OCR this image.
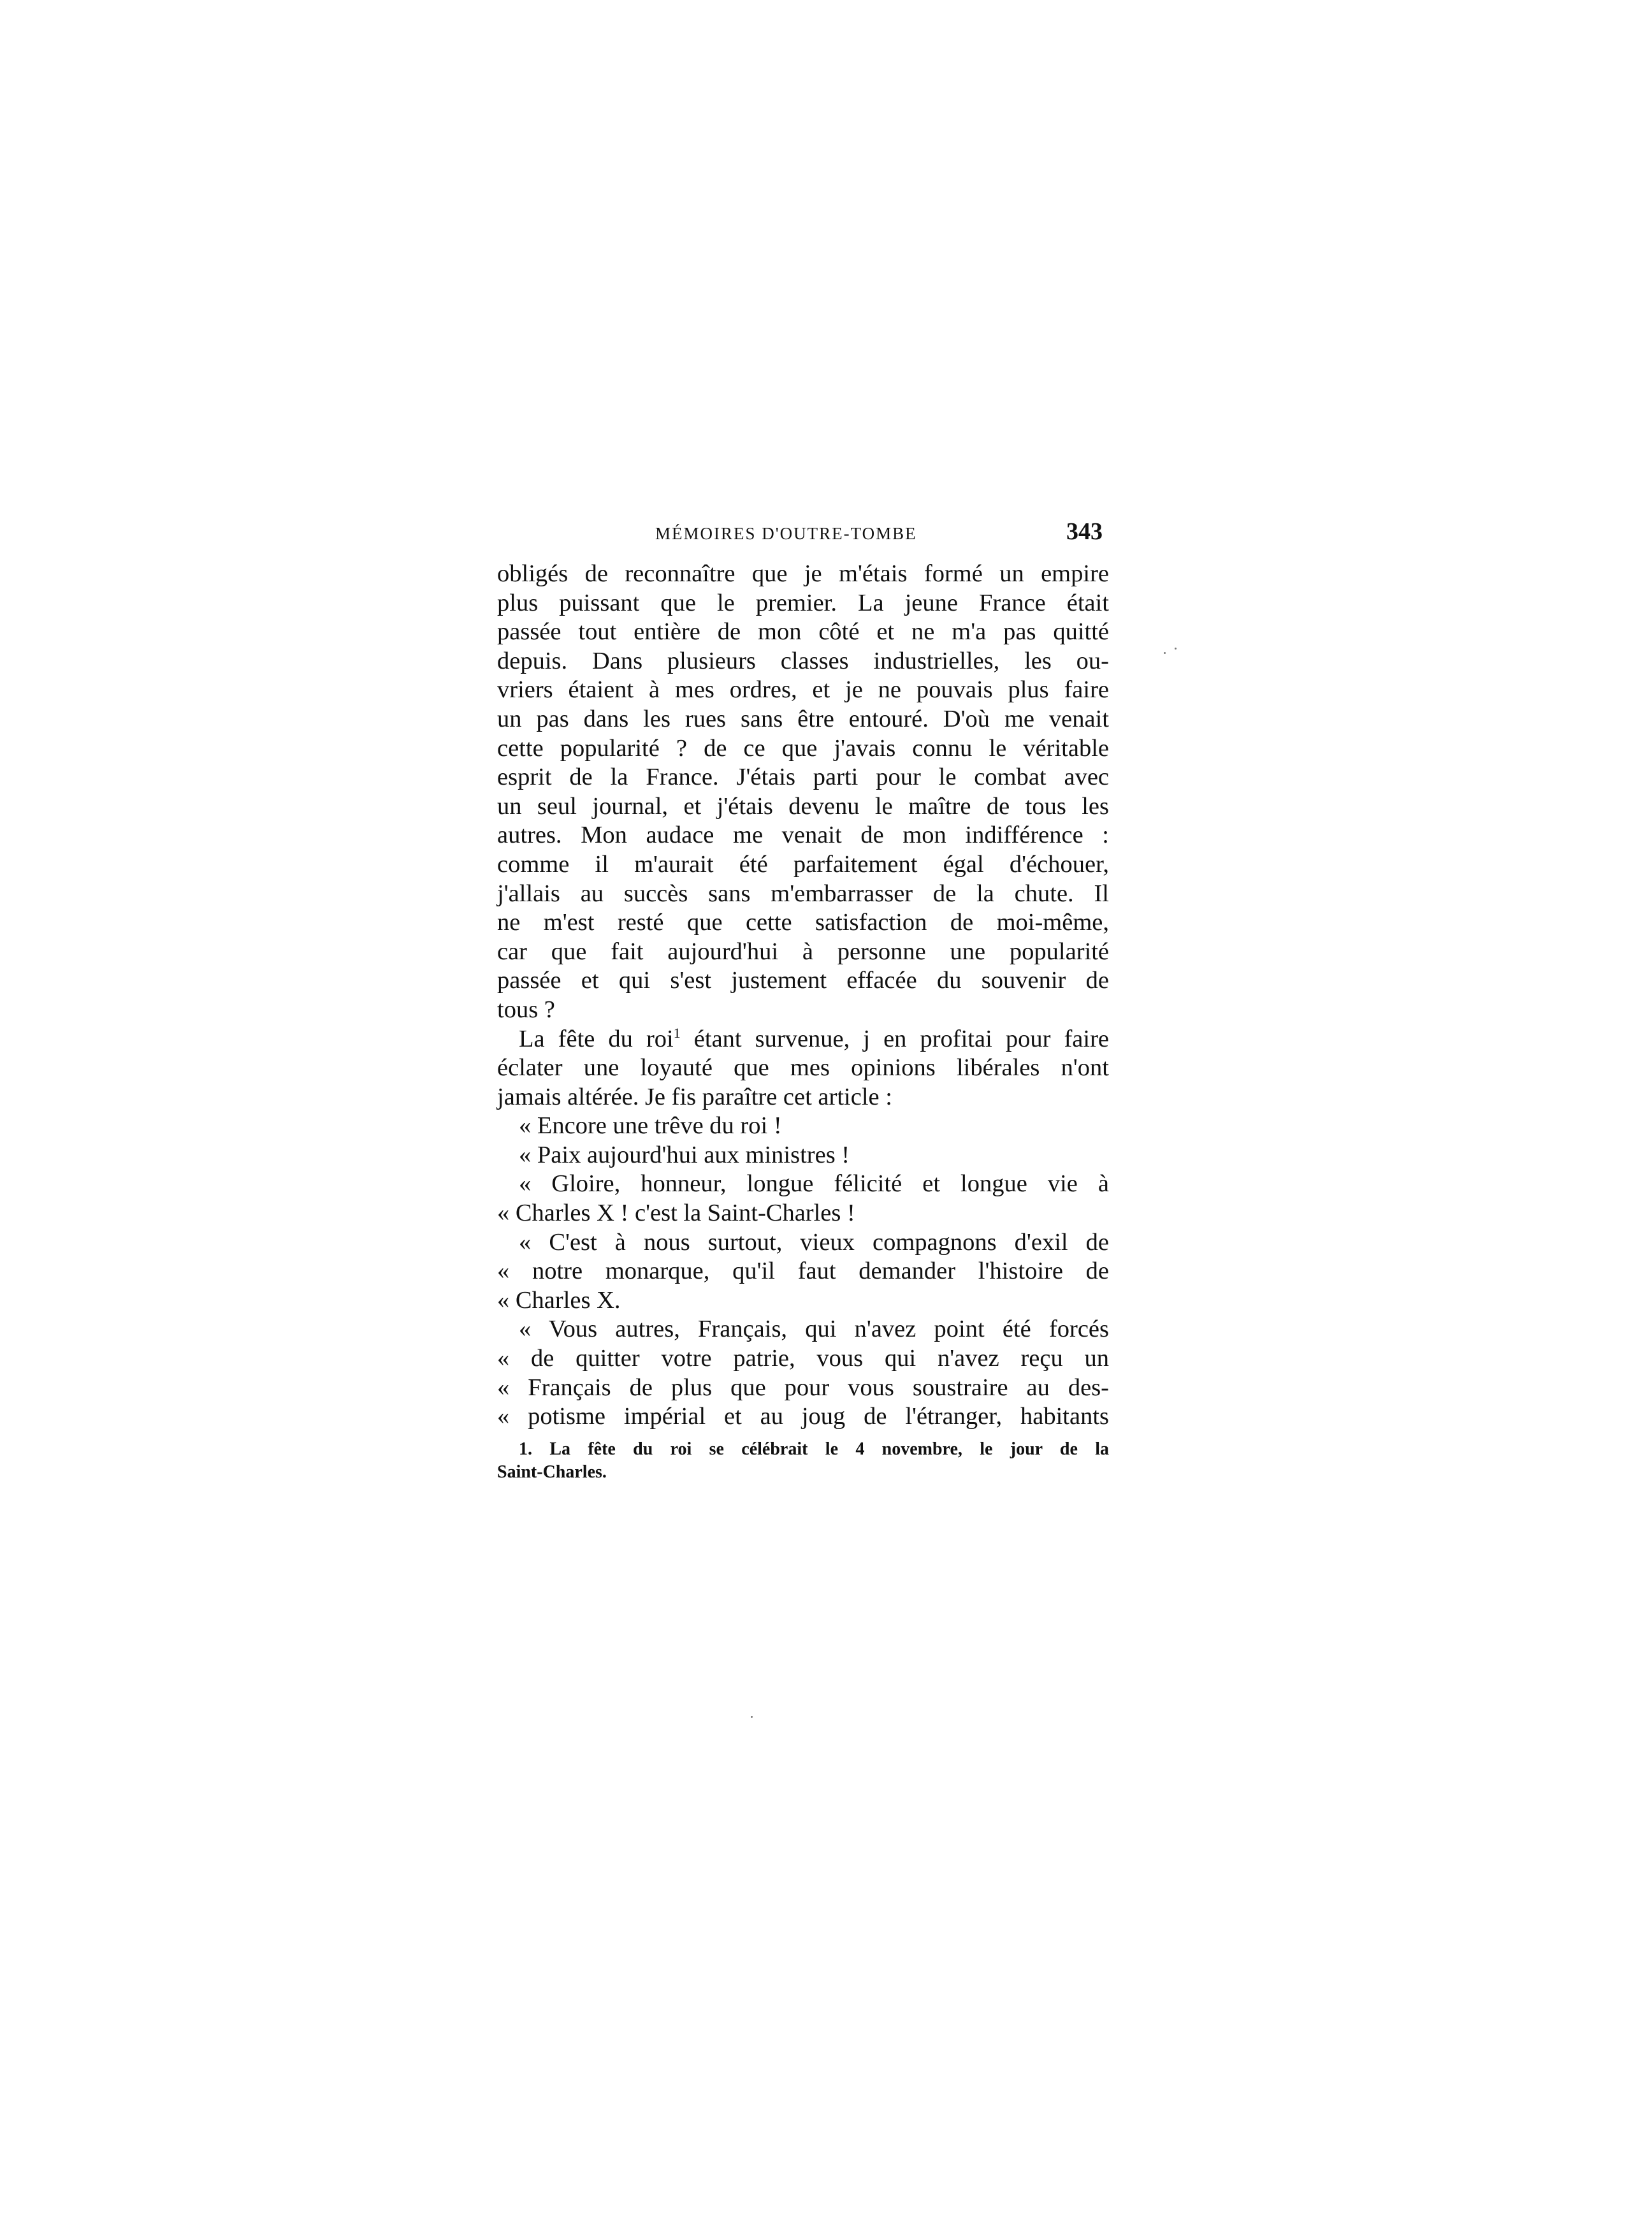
MÉMOIRES D'OUTRE-TOMBE	343
obligés de reconnaître que je m'étais formé un empire
plus puissant que le premier. La jeune France était
passée tout entière de mon côté et ne m'a pas quitté
depuis. Dans plusieurs classes industrielles, les ou-
vriers étaient à mes ordres, et je ne pouvais plus faire
un pas dans les rues sans être entouré. D'où me venait
cette popularité ? de ce que j'avais connu le véritable
esprit de la France. J'étais parti pour le combat avec
un seul journal, et j'étais devenu le maître de tous les
autres. Mon audace me venait de mon indifférence :
comme il m'aurait été parfaitement égal d'échouer,
j'allais au succès sans m'embarrasser de la chute. Il
ne m'est resté que cette satisfaction de moi-même,
car que fait aujourd'hui à personne une popularité
passée et qui s'est justement effacée du souvenir de
tous ?
La fête du roi$^1$ étant survenue, j en profitai pour faire
éclater une loyauté que mes opinions libérales n'ont
jamais altérée. Je fis paraître cet article :
« Encore une trêve du roi !
« Paix aujourd'hui aux ministres !
« Gloire, honneur, longue félicité et longue vie à
« Charles X ! c'est la Saint-Charles !
« C'est à nous surtout, vieux compagnons d'exil de
« notre monarque, qu'il faut demander l'histoire de
« Charles X.
« Vous autres, Français, qui n'avez point été forcés
« de quitter votre patrie, vous qui n'avez reçu un
« Français de plus que pour vous soustraire au des-
« potisme impérial et au joug de l'étranger, habitants
1. La fête du roi se célébrait le 4 novembre, le jour de la
Saint-Charles.
